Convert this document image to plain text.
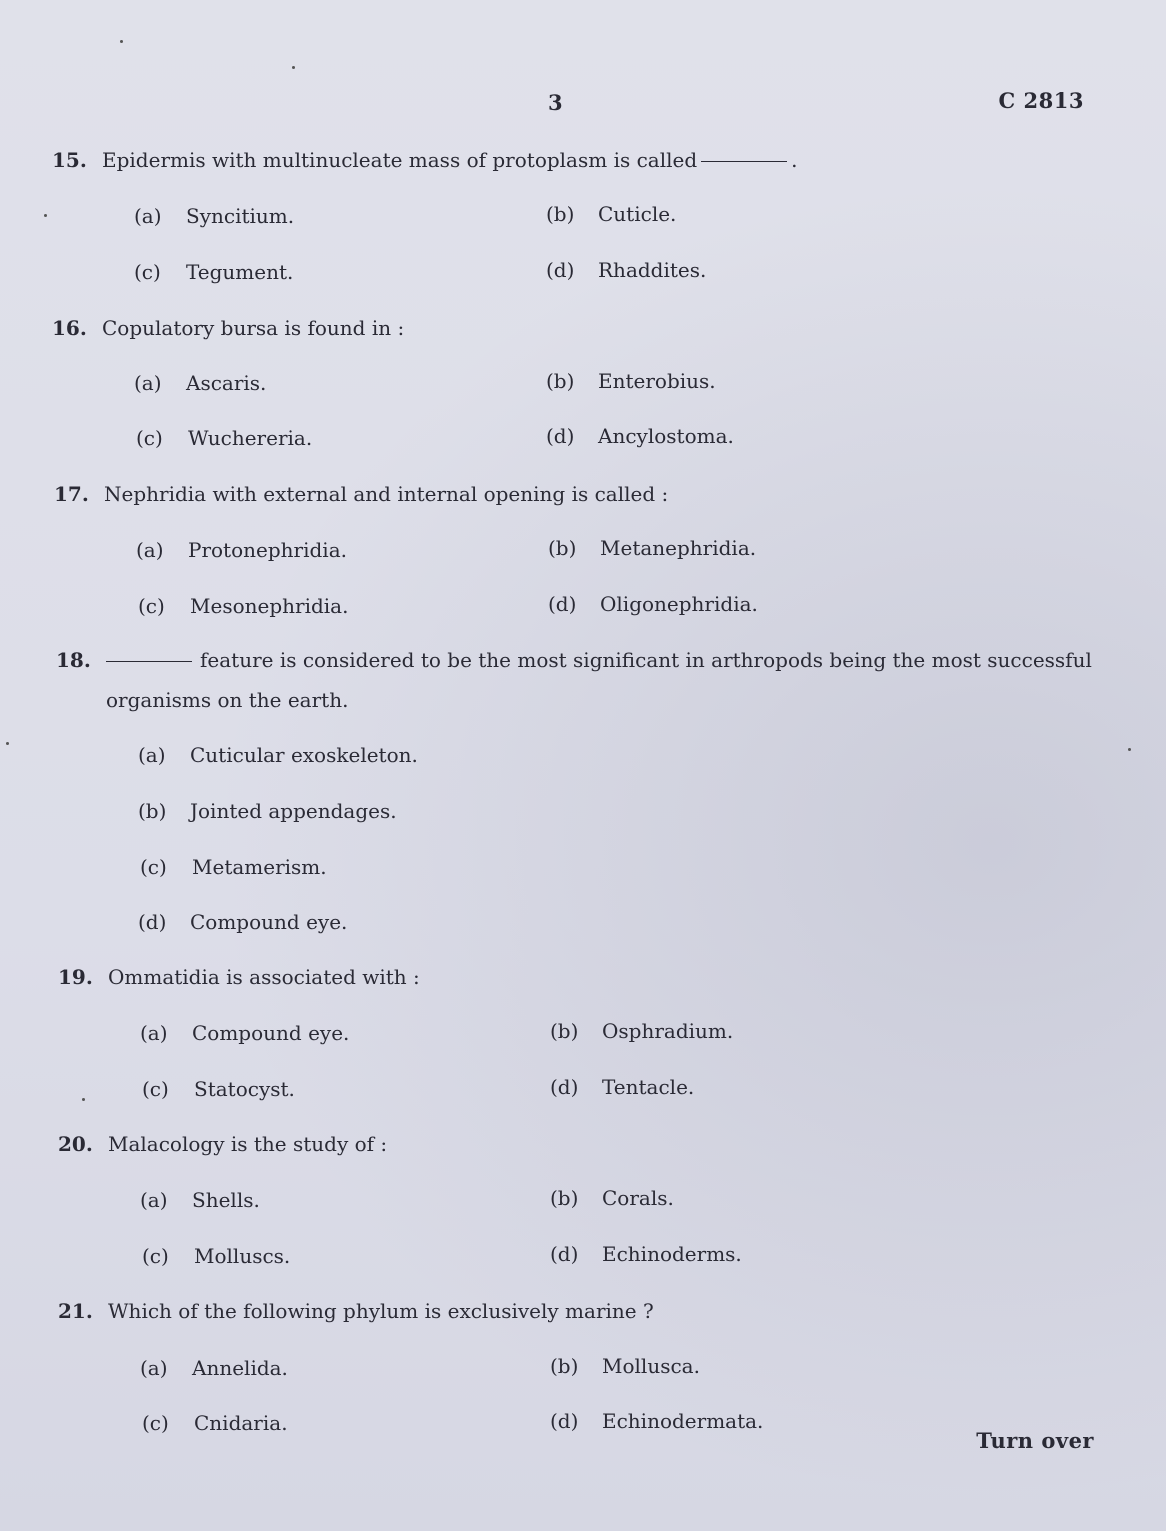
3	C 2813
15. Epidermis with multinucleate mass of protoplasm is called	.
(a) Syncitium.	(b) Cuticle.
(c) Tegument.	(d) Rhaddites.
16. Copulatory bursa is found in :
(a) Ascaris.	(b) Enterobius.
(c) Wuchereria.	(d) Ancylostoma.
17. Nephridia with external and internal opening is called :
(a) Protonephridia.	(b) Metanephridia.
(c) Mesonephridia.	(d) Oligonephridia.
18.	feature is considered to be the most significant in arthropods being the most successful
organisms on the earth.
(a) Cuticular exoskeleton.
(b) Jointed appendages.
(c) Metamerism.
(d) Compound eye.
19. Ommatidia is associated with :
(a) Compound eye.	(b) Osphradium.
(c) Statocyst.	(d) Tentacle.
20. Malacology is the study of :
(a) Shells.	(b) Corals.
(c) Molluscs.	(d) Echinoderms.
21. Which of the following phylum is exclusively marine ?
(a) Annelida.	(b) Mollusca.
(c) Cnidaria.	(d) Echinodermata.
Turn over
